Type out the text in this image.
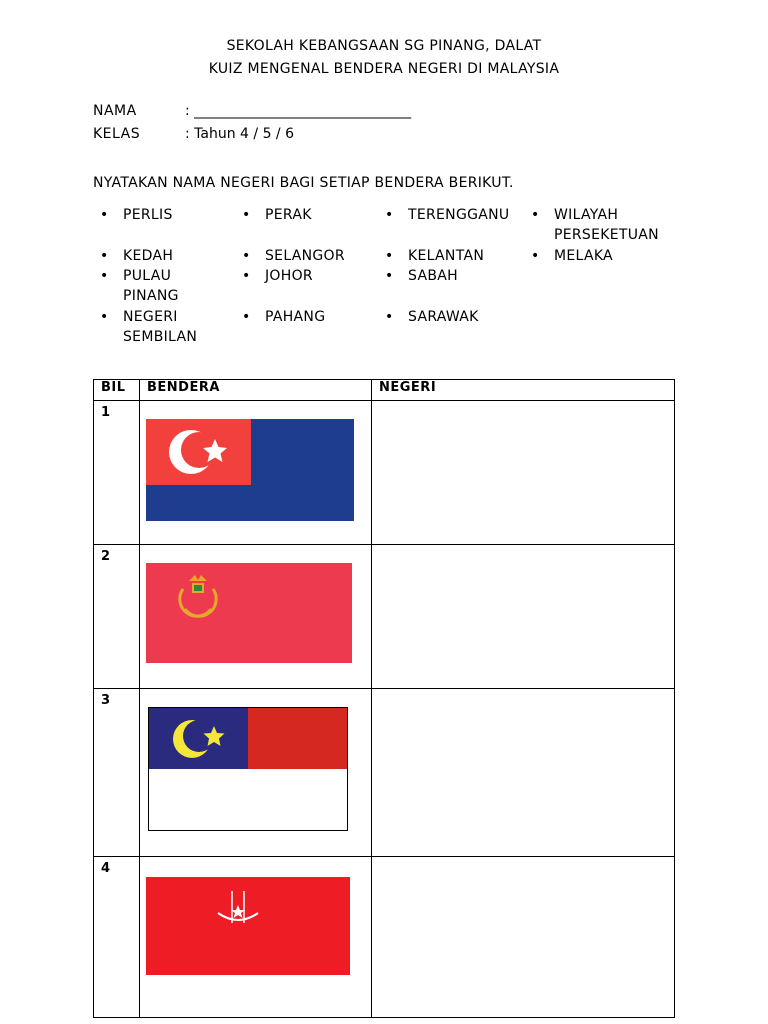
SEKOLAH KEBANGSAAN SG PINANG, DALAT
KUIZ MENGENAL BENDERA NEGERI DI MALAYSIA
NAMA	: _______________________________
KELAS	: Tahun 4 / 5 / 6
NYATAKAN NAMA NEGERI BAGI SETIAP BENDERA BERIKUT.
• PERLIS
• KEDAH
• PULAU PINANG
• NEGERI SEMBILAN
• PERAK
• SELANGOR
• JOHOR
• PAHANG
• TERENGGANU
• KELANTAN
• SABAH
• SARAWAK
• WILAYAH PERSEKETUAN
• MELAKA
BIL	BENDERA	NEGERI
1	

2	

3	

4	
